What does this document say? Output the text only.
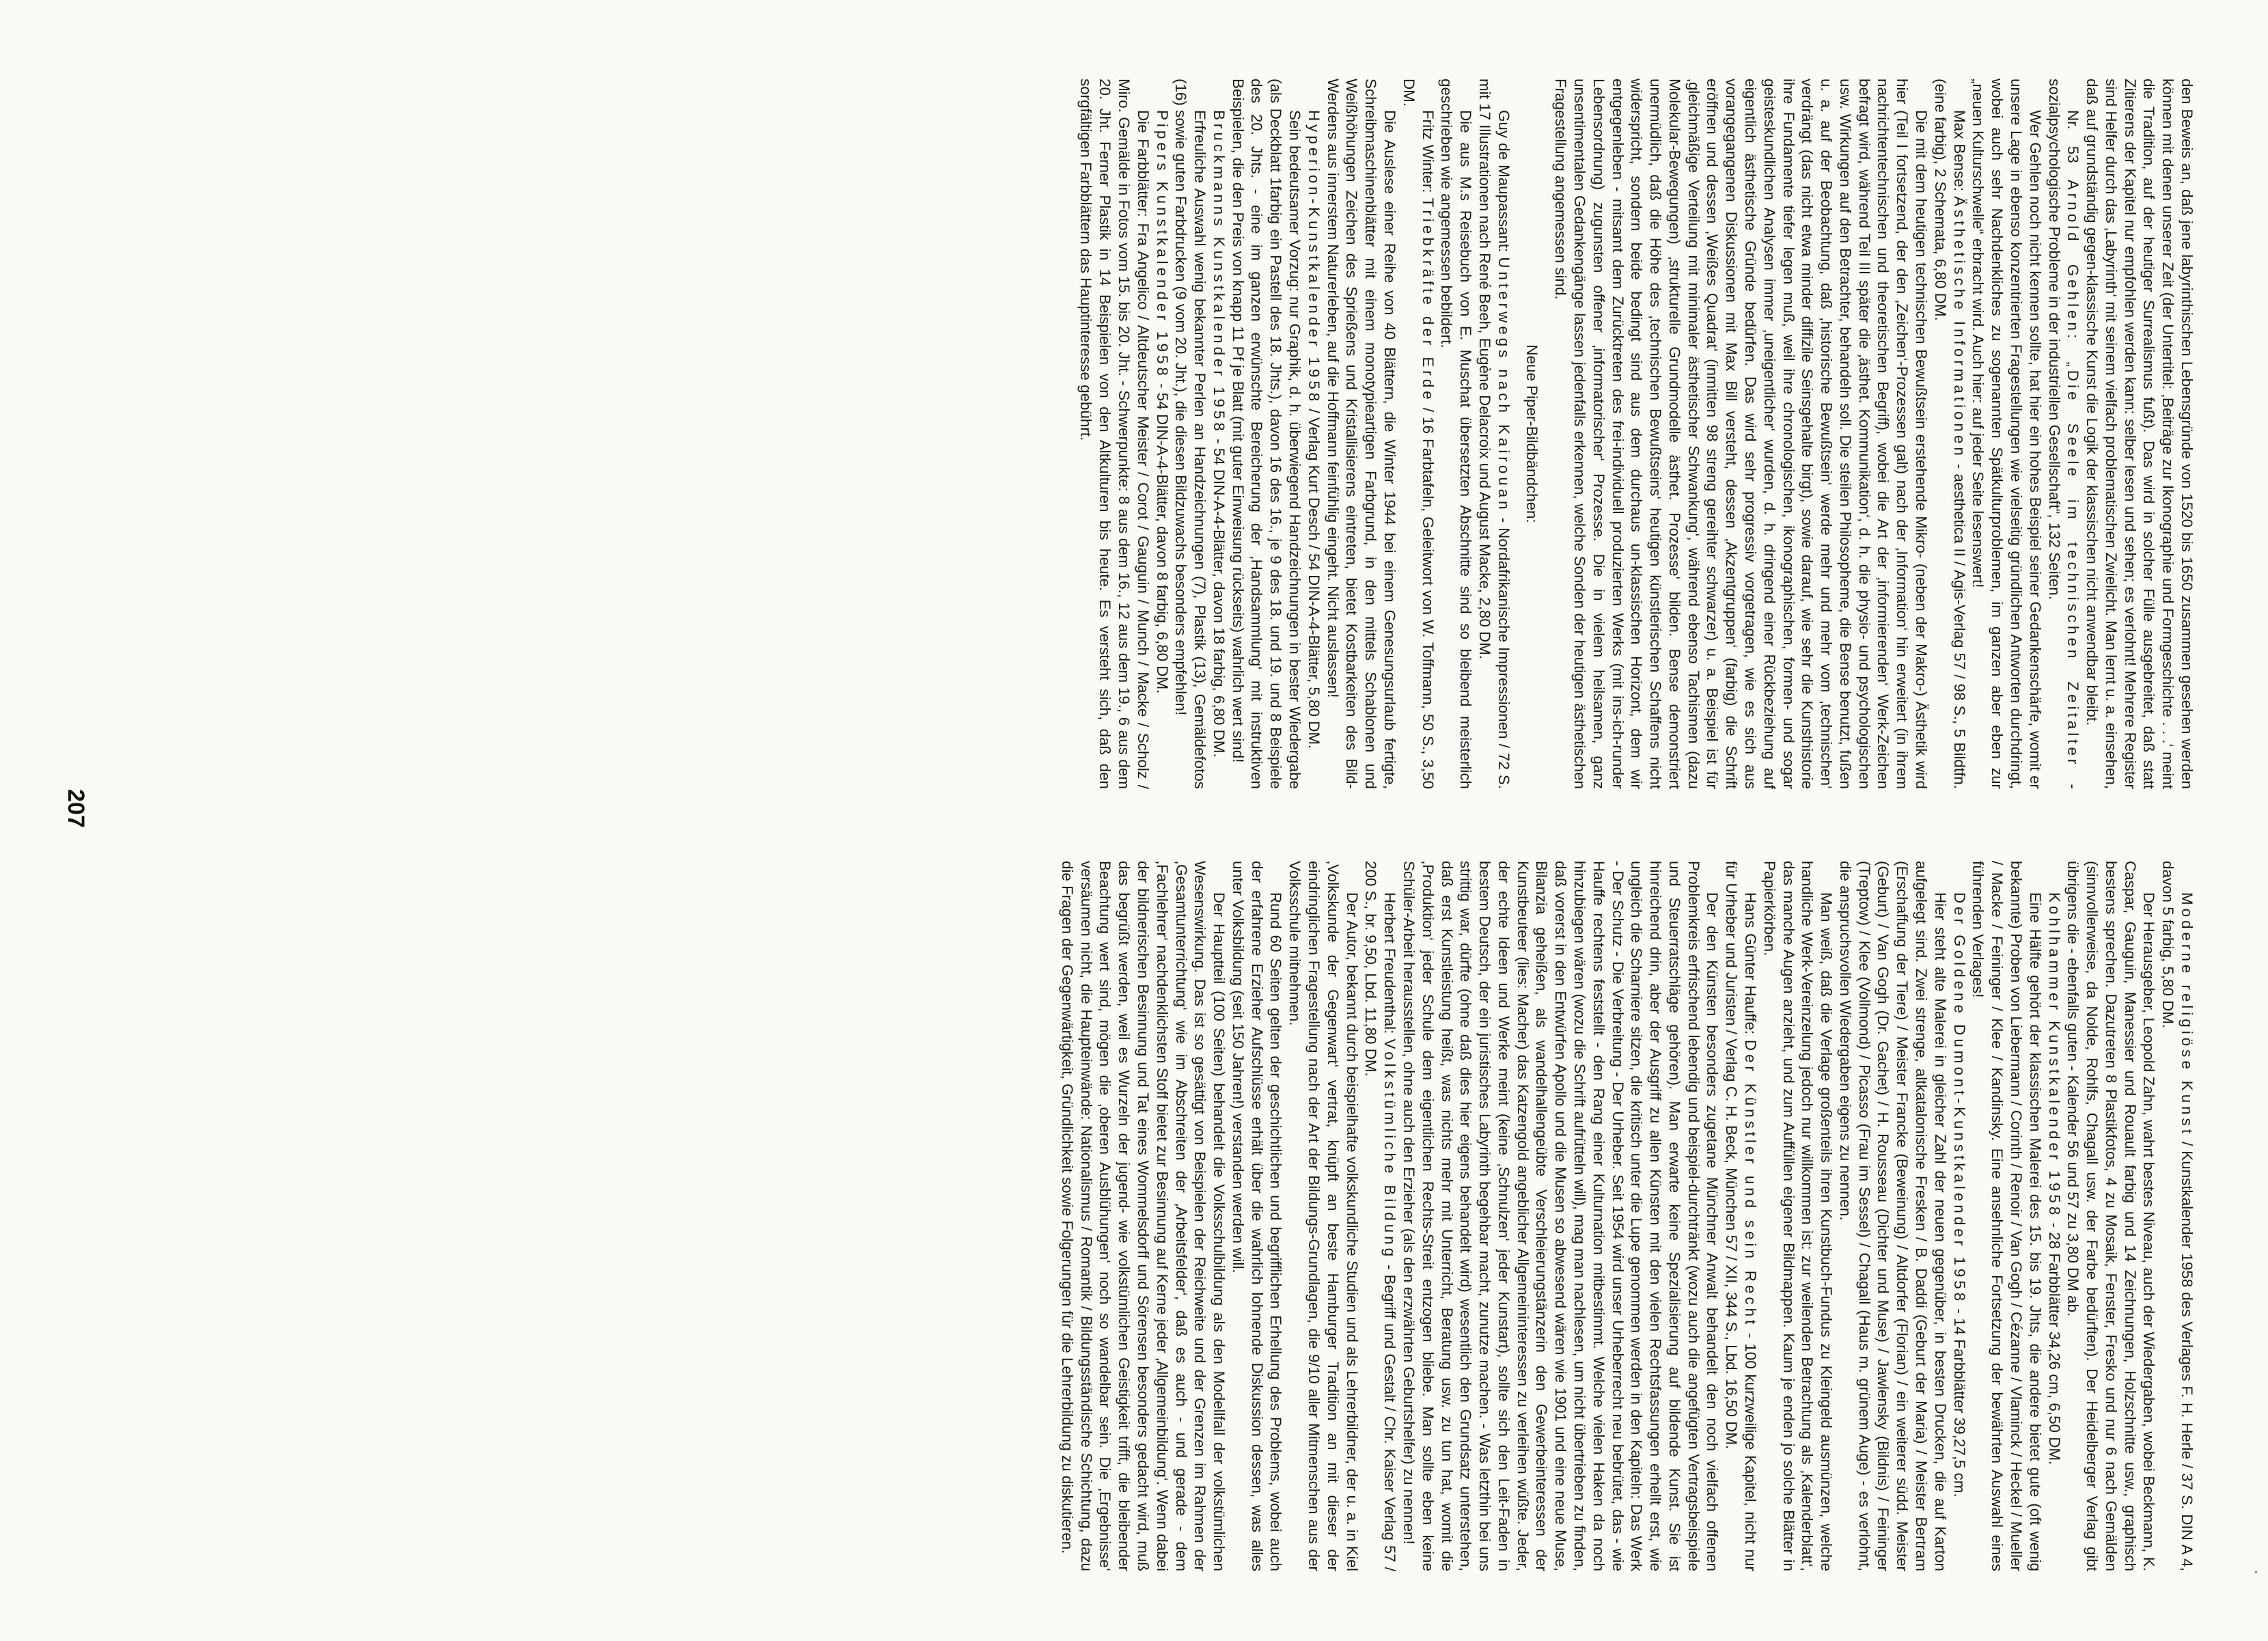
den Beweis an, daß jene labyrinthischen Lebensgründe von 1520 bis 1650 zusammen gesehen werden können mit denen unserer Zeit (der Untertitel: ‚Beiträge zur Ikonographie und Formgeschichte . . .‘ meint die Tradition, auf der heutiger Surrealismus fußt). Das wird in solcher Fülle ausgebreitet, daß statt Zitierens der Kapitel nur empfohlen werden kann: selber lesen und sehen; es verlohnt! Mehrere Register sind Helfer durch das ‚Labyrinth‘ mit seinem vielfach problematischen Zwielicht. Man lernt u. a. einsehen, daß auf grundständig gegen-klassische Kunst die Logik der klassischen nicht anwendbar bleibt.

Nr. 53 Arnold Gehlen: „Die Seele im technischen Zeitalter - sozialpsychologische Probleme in der industriellen Gesellschaft“, 132 Seiten.

Wer Gehlen noch nicht kennen sollte, hat hier ein hohes Beispiel seiner Gedankenschärfe, womit er unsere Lage in ebenso konzentrierten Fragestellungen wie vielseitig gründlichen Antworten durchdringt, wobei auch sehr Nachdenkliches zu sogenannten Spätkulturproblemen, im ganzen aber eben zur „neuen Kulturschwelle“ erbracht wird. Auch hier: auf jeder Seite lesenswert!

Max Bense: Ästhetische Informationen - aesthetica II / Agis-Verlag 57 / 98 S., 5 Bildtfn. (eine farbig), 2 Schemata, 6,80 DM.

Die mit dem heutigen technischen Bewußtsein erstehende Mikro- (neben der Makro-) Ästhetik wird hier (Teil I fortsetzend, der den ‚Zeichen‘-Prozessen galt) nach der ‚Information‘ hin erweitert (in ihrem nachrichtentechnischen und theoretischen Begriff), wobei die Art der ‚informierenden‘ Werk-Zeichen befragt wird, während Teil III später die ‚ästhet. Kommunikation‘, d. h. die physio- und psychologischen usw. Wirkungen auf den Betrachter, behandeln soll. Die steilen Philosopheme, die Bense benutzt, fußen u. a. auf der Beobachtung, daß ‚historische Bewußtsein‘ werde mehr und mehr vom ‚technischen‘ verdrängt (das nicht etwa minder diffizile Seinsgehalte birgt), sowie darauf, wie sehr die Kunsthistorie ihre Fundamente tiefer legen muß, weil ihre chronologischen, ikonographischen, formen- und sogar geisteskundlichen Analysen immer ‚uneigentlicher‘ wurden, d. h. dringend einer Rückbeziehung auf eigentlich ästhetische Gründe bedürfen. Das wird sehr progressiv vorgetragen, wie es sich aus vorangegangenen Diskussionen mit Max Bill versteht, dessen ‚Akzentgruppen‘ (farbig) die Schrift eröffnen und dessen ‚Weißes Quadrat‘ (inmitten 98 streng gereihter schwarzer) u. a. Beispiel ist für ‚gleichmäßige Verteilung mit minimaler ästhetischer Schwankung‘, während ebenso Tachismen (dazu Molekular-Bewegungen) ‚strukturelle Grundmodelle ästhet. Prozesse‘ bilden. Bense demonstriert unermüdlich, daß die Höhe des ‚technischen Bewußtseins‘ heutigen künstlerischen Schaffens nicht widerspricht, sondern beide bedingt sind aus dem durchaus un-klassischen Horizont, dem wir entgegenleben - mitsamt dem Zurücktreten des frei-individuell produzierten Werks (mit ins-ich-runder Lebensordnung) zugunsten offener ‚informatorischer‘ Prozesse. Die in vielem heilsamen, ganz unsentimentalen Gedankengänge lassen jedenfalls erkennen, welche Sonden der heutigen ästhetischen Fragestellung angemessen sind.

Neue Piper-Bildbändchen:

Guy de Maupassant: Unterwegs nach Kairouan - Nordafrikanische Impressionen / 72 S. mit 17 Illustrationen nach René Beeh, Eugène Delacroix und August Macke, 2,80 DM.

Die aus M.s Reisebuch von E. Muschat übersetzten Abschnitte sind so bleibend meisterlich geschrieben wie angemessen bebildert.

Fritz Winter: Triebkräfte der Erde / 16 Farbtafeln, Geleitwort von W. Toffmann, 50 S., 3,50 DM.

Die Auslese einer Reihe von 40 Blättern, die Winter 1944 bei einem Genesungsurlaub fertigte, Schreibmaschinenblätter mit einem monotypieartigen Farbgrund, in den mittels Schablonen und Weißhöhungen Zeichen des Sprießens und Kristallisierens eintreten, bietet Kostbarkeiten des Bild-Werdens aus innerstem Naturerleben, auf die Hoffmann feinfühlig eingeht. Nicht auslassen!

Hyperion-Kunstkalender 1958 / Verlag Kurt Desch / 54 DIN-A-4-Blätter, 5,80 DM.

Sein bedeutsamer Vorzug: nur Graphik, d. h. überwiegend Handzeichnungen in bester Wiedergabe (als Deckblatt 1farbig ein Pastell des 18. Jhts.), davon 16 des 16., je 9 des 18. und 19. und 8 Beispiele des 20. Jhts. - eine im ganzen erwünschte Bereicherung der ‚Handsammlung‘ mit instruktiven Beispielen, die den Preis von knapp 11 Pf je Blatt (mit guter Einweisung rückseits) wahrlich wert sind!

Bruckmanns Kunstkalender 1958 - 54 DIN-A-4-Blätter, davon 18 farbig, 6,80 DM.

Erfreuliche Auswahl wenig bekannter Perlen an Handzeichnungen (7), Plastik (13), Gemäldefotos (16) sowie guten Farbdrucken (9 vom 20. Jht.), die diesen Bildzuwachs besonders empfehlen!

Pipers Kunstkalender 1958 - 54 DIN-A-4-Blätter, davon 8 farbig, 6,80 DM.

Die Farbblätter: Fra Angelico / Altdeutscher Meister / Corot / Gauguin / Munch / Macke / Scholz / Miro. Gemälde in Fotos vom 15. bis 20. Jht. - Schwerpunkte: 8 aus dem 16., 12 aus dem 19., 6 aus dem 20. Jht. Ferner Plastik in 14 Beispielen von den Altkulturen bis heute. Es versteht sich, daß den sorgfältigen Farbblättern das Hauptinteresse gebührt.

Moderne religiöse Kunst / Kunstkalender 1958 des Verlages F. H. Herle / 37 S. DIN A 4, davon 5 farbig, 5,80 DM.

Der Herausgeber, Leopold Zahn, wahrt bestes Niveau, auch der Wiedergaben, wobei Beckmann, K. Caspar, Gauguin, Manessier und Rouault farbig und 14 Zeichnungen, Holzschnitte usw., graphisch bestens sprechen. Dazutreten 8 Plastikfotos, 4 zu Mosaik, Fenster, Fresko und nur 6 nach Gemälden (sinnvollerweise, da Nolde, Rohlfs, Chagall usw. der Farbe bedürften). Der Heidelberger Verlag gibt übrigens die - ebenfalls guten - Kalender 56 und 57 zu 3,80 DM ab.

Kohlhammer Kunstkalender 1958 - 28 Farbblätter 34,26 cm, 6,50 DM.

Eine Hälfte gehört der klassischen Malerei des 15. bis 19. Jhts, die andere bietet gute (oft wenig bekannte) Proben von Liebermann / Corinth / Renoir / Van Gogh / Cézanne / Vlaminck / Heckel / Mueller / Macke / Feininger / Klee / Kandinsky. Eine ansehnliche Fortsetzung der bewährten Auswahl eines führenden Verlages!

Der Goldene Dumont-Kunstkalender 1958 - 14 Farbblätter 39,27,5 cm.

Hier steht alte Malerei in gleicher Zahl der neuen gegenüber, in besten Drucken, die auf Karton aufgelegt sind. Zwei strenge, altkatalonische Fresken / B. Daddi (Geburt der Maria) / Meister Bertram (Erschaffung der Tiere) / Meister Francke (Beweinung) / Altdorfer (Florian) / ein weiterer südd. Meister (Geburt) / Van Gogh (Dr. Gachet) / H. Rousseau (Dichter und Muse) / Jawlensky (Bildnis) / Feininger (Treptow) / Klee (Vollmond) / Picasso (Frau im Sessel) / Chagall (Haus m. grünem Auge) - es verlohnt, die anspruchsvollen Wiedergaben eigens zu nennen.

Man weiß, daß die Verlage großenteils ihren Kunstbuch-Fundus zu Kleingeld ausmünzen, welche handliche Werk-Vereinzelung jedoch nur willkommen ist: zur weilenden Betrachtung als ‚Kalenderblatt‘, das manche Augen anzieht, und zum Auffüllen eigener Bildmappen. Kaum je enden jo solche Blätter in Papierkörben.

Hans Günter Hauffe: Der Künstler und sein Recht - 100 kurzweilige Kapitel, nicht nur für Urheber und Juristen / Verlag C. H. Beck, München 57 / XII, 344 S., Lbd. 16,50 DM.

Der den Künsten besonders zugetane Münchner Anwalt behandelt den noch vielfach offenen Problemkreis erfrischend lebendig und beispiel-durchtränkt (wozu auch die angefügten Vertragsbeispiele und Steuerratschläge gehören). Man erwarte keine Spezialisierung auf bildende Kunst. Sie ist hinreichend drin, aber der Ausgriff zu allen Künsten mit den vielen Rechtsfassungen erhellt erst, wie ungleich die Scharniere sitzen, die kritisch unter die Lupe genommen werden in den Kapiteln: Das Werk - Der Schutz - Die Verbreitung - Der Urheber. Seit 1954 wird unser Urheberrecht neu bebrütet, das - wie Hauffe rechtens feststellt - den Rang einer Kulturnation mitbestimmt. Welche vielen Haken da noch hinzubiegen wären (wozu die Schrift aufrütteln will), mag man nachlesen, um nicht übertrieben zu finden, daß vorerst in den Entwürfen Apollo und die Musen so abwesend wären wie 1901 und eine neue Muse, Bilanzia geheißen, als wandelhallengeübte Verschleierungstänzerin den Gewerbeinteressen der Kunstbeuteer (lies: Macher) das Katzengold angeblicher Allgemeininteressen zu verleihen wüßte. Jeder, der echte Ideen und Werke meint (keine ‚Schnulzen‘ jeder Kunstart), sollte sich den Leit-Faden in bestem Deutsch, der ein juristisches Labyrinth begehbar macht, zunutze machen. - Was letzthin bei uns strittig war, dürfte (ohne daß dies hier eigens behandelt wird) wesentlich den Grundsatz unterstehen, daß erst Kunstleistung heißt, was nichts mehr mit Unterricht, Beratung usw. zu tun hat, womit die ‚Produktion‘ jeder Schule dem eigentlichen Rechts-Streit entzogen bliebe. Man sollte eben keine Schüler-Arbeit herausstellen, ohne auch den Erzieher (als den erzwährten Geburtshelfer) zu nennen!

Herbert Freudenthal: Volkstümliche Bildung - Begriff und Gestalt / Chr. Kaiser Verlag 57 / 200 S., br. 9,50, Lbd. 11,80 DM.

Der Autor, bekannt durch beispielhafte volkskundliche Studien und als Lehrerbildner, der u. a. in Kiel ‚Volkskunde der Gegenwart‘ vertrat, knüpft an beste Hamburger Tradition an mit dieser der eindringlichen Fragestellung nach der Art der Bildungs-Grundlagen, die 9/10 aller Mitmenschen aus der Volksschule mitnehmen.

Rund 60 Seiten gelten der geschichtlichen und begrifflichen Erhellung des Problems, wobei auch der erfahrene Erzieher Aufschlüsse erhält über die wahrlich lohnende Diskussion dessen, was alles unter Volksbildung (seit 150 Jahren!) verstanden werden will.

Der Hauptteil (100 Seiten) behandelt die Volksschulbildung als den Modellfall der volkstümlichen Wesenswirkung. Das ist so gesättigt von Beispielen der Reichweite und der Grenzen im Rahmen der ‚Gesamtunterrichtung‘ wie im Abschreiten der ‚Arbeitsfelder‘, daß es auch - und gerade - dem ‚Fachlehrer‘ nachdenklichsten Stoff bietet zur Besinnung auf Kerne jeder ‚Allgemeinbildung‘. Wenn dabei der bildnerischen Besinnung und Tat eines Wommelsdorff und Sörensen besonders gedacht wird, muß das begrüßt werden, weil es Wurzeln der jugend- wie volkstümlichen Geistigkeit trifft, die bleibender Beachtung wert sind, mögen die ‚oberen Ausblühungen‘ noch so wandelbar sein. Die ‚Ergebnisse‘ versäumen nicht, die Haupteinwände: Nationalismus / Romantik / Bildungsständische Schichtung, dazu die Fragen der Gegenwärtigkeit, Gründlichkeit sowie Folgerungen für die Lehrerbildung zu diskutieren.

207
